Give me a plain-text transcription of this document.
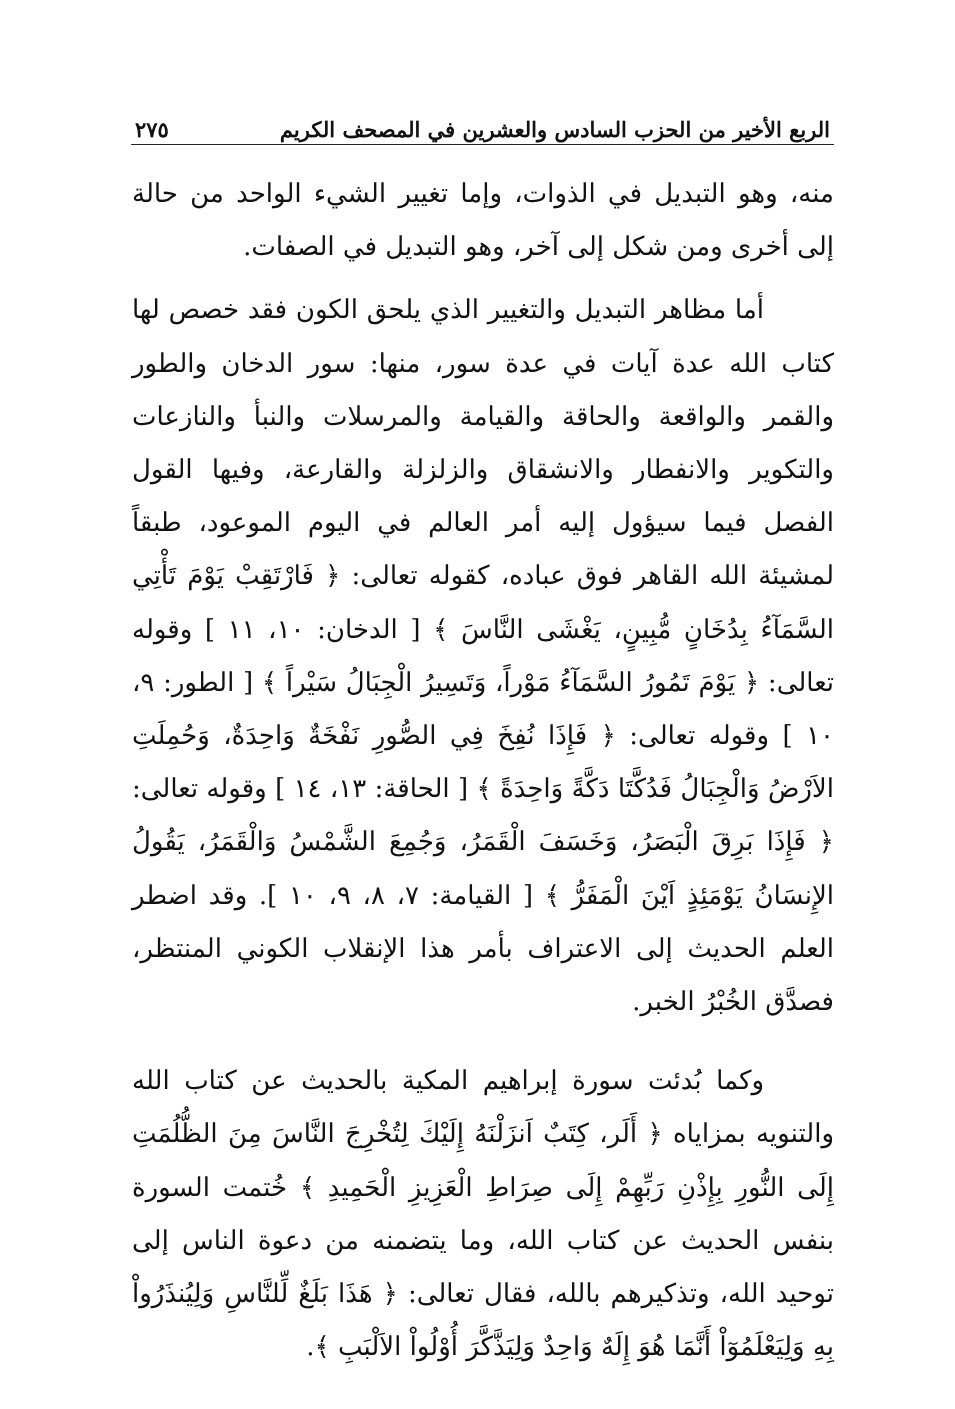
الربع الأخير من الحزب السادس والعشرين في المصحف الكريم
٢٧٥

منه، وهو التبديل في الذوات، وإما تغيير الشيء الواحد من حالة إلى أخرى ومن شكل إلى آخر، وهو التبديل في الصفات.

أما مظاهر التبديل والتغيير الذي يلحق الكون فقد خصص لها كتاب الله عدة آيات في عدة سور، منها: سور الدخان والطور والقمر والواقعة والحاقة والقيامة والمرسلات والنبأ والنازعات والتكوير والانفطار والانشقاق والزلزلة والقارعة، وفيها القول الفصل فيما سيؤول إليه أمر العالم في اليوم الموعود، طبقاً لمشيئة الله القاهر فوق عباده، كقوله تعالى: ﴿ فَارْتَقِبْ يَوْمَ تَأْتِي السَّمَآءُ بِدُخَانٍ مُّبِينٍ، يَغْشَى النَّاسَ ﴾ [ الدخان: ١٠، ١١ ] وقوله تعالى: ﴿ يَوْمَ تَمُورُ السَّمَآءُ مَوْراً، وَتَسِيرُ الْجِبَالُ سَيْراً ﴾ [ الطور: ٩، ١٠ ] وقوله تعالى: ﴿ فَإِذَا نُفِخَ فِي الصُّورِ نَفْخَةٌ وَاحِدَةٌ، وَحُمِلَتِ الاَرْضُ وَالْجِبَالُ فَدُكَّتَا دَكَّةً وَاحِدَةً ﴾ [ الحاقة: ١٣، ١٤ ] وقوله تعالى: ﴿ فَإِذَا بَرِقَ الْبَصَرُ، وَخَسَفَ الْقَمَرُ، وَجُمِعَ الشَّمْسُ وَالْقَمَرُ، يَقُولُ الإِنسَانُ يَوْمَئِذٍ اَيْنَ الْمَفَرُّ ﴾ [ القيامة: ٧، ٨، ٩، ١٠ ]. وقد اضطر العلم الحديث إلى الاعتراف بأمر هذا الإنقلاب الكوني المنتظر، فصدَّق الخُبْرُ الخبر.

وكما بُدئت سورة إبراهيم المكية بالحديث عن كتاب الله والتنويه بمزاياه ﴿ أَلَر، كِتَبٌ اَنزَلْنَهُ إِلَيْكَ لِتُخْرِجَ النَّاسَ مِنَ الظُّلُمَتِ إِلَى النُّورِ بِإِذْنِ رَبِّهِمْ إِلَى صِرَاطِ الْعَزِيزِ الْحَمِيدِ ﴾ خُتمت السورة بنفس الحديث عن كتاب الله، وما يتضمنه من دعوة الناس إلى توحيد الله، وتذكيرهم بالله، فقال تعالى: ﴿ هَذَا بَلَغٌ لِّلنَّاسِ وَلِيُنذَرُواْ بِهِ وَلِيَعْلَمُوٓاْ أَنَّمَا هُوَ إِلَهٌ وَاحِدٌ وَلِيَذَّكَّرَ أُوْلُواْ الاَلْبَبِ ﴾.
